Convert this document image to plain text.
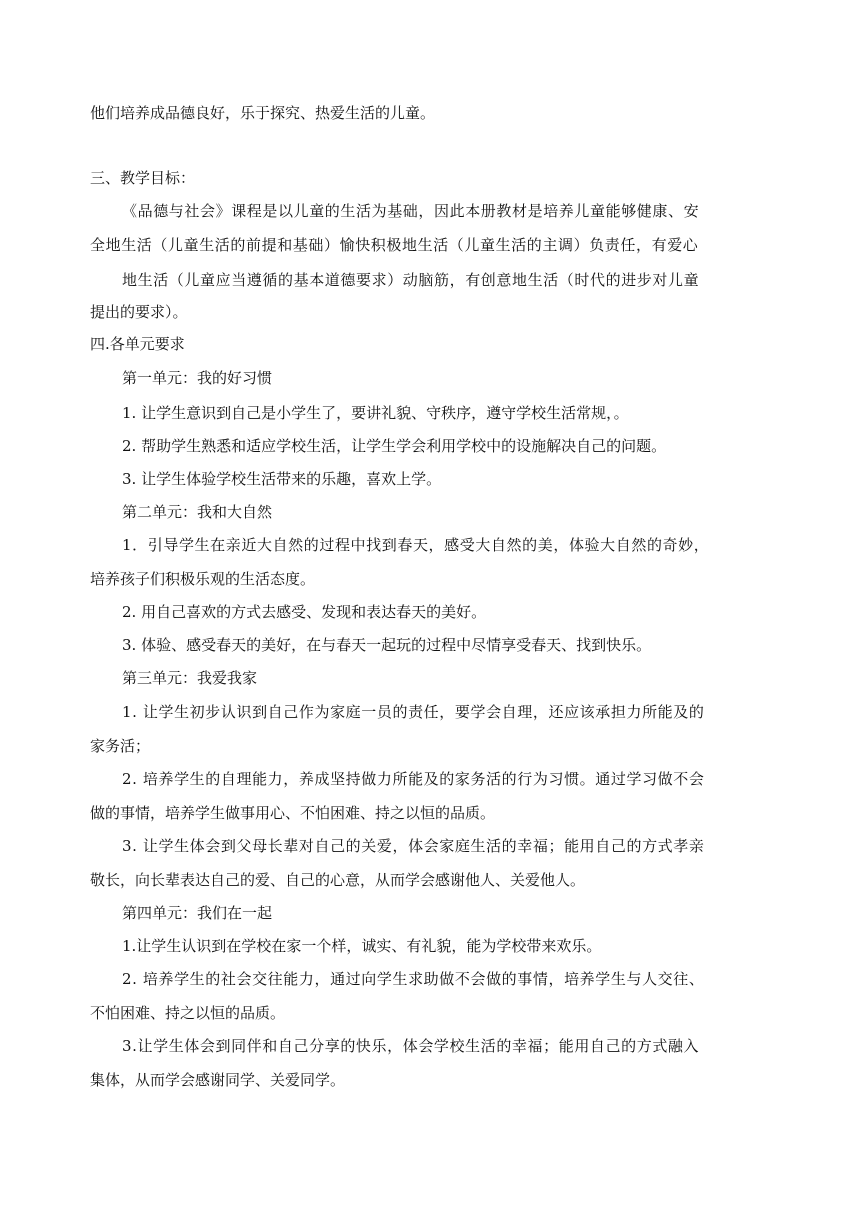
他们培养成品德良好，乐于探究、热爱生活的儿童。
三、教学目标：
《品德与社会》课程是以儿童的生活为基础，因此本册教材是培养儿童能够健康、安
全地生活（儿童生活的前提和基础）愉快积极地生活（儿童生活的主调）负责任，有爱心
地生活（儿童应当遵循的基本道德要求）动脑筋，有创意地生活（时代的进步对儿童
提出的要求）。
四.各单元要求
第一单元：我的好习惯
1. 让学生意识到自己是小学生了，要讲礼貌、守秩序，遵守学校生活常规，。
2. 帮助学生熟悉和适应学校生活，让学生学会利用学校中的设施解决自己的问题。
3. 让学生体验学校生活带来的乐趣，喜欢上学。
第二单元：我和大自然
1．引导学生在亲近大自然的过程中找到春天，感受大自然的美，体验大自然的奇妙，
培养孩子们积极乐观的生活态度。
2. 用自己喜欢的方式去感受、发现和表达春天的美好。
3. 体验、感受春天的美好，在与春天一起玩的过程中尽情享受春天、找到快乐。
第三单元：我爱我家
1. 让学生初步认识到自己作为家庭一员的责任，要学会自理，还应该承担力所能及的
家务活；
2. 培养学生的自理能力，养成坚持做力所能及的家务活的行为习惯。通过学习做不会
做的事情，培养学生做事用心、不怕困难、持之以恒的品质。
3. 让学生体会到父母长辈对自己的关爱，体会家庭生活的幸福；能用自己的方式孝亲
敬长，向长辈表达自己的爱、自己的心意，从而学会感谢他人、关爱他人。
第四单元：我们在一起
1.让学生认识到在学校在家一个样，诚实、有礼貌，能为学校带来欢乐。
2. 培养学生的社会交往能力，通过向学生求助做不会做的事情，培养学生与人交往、
不怕困难、持之以恒的品质。
3.让学生体会到同伴和自己分享的快乐，体会学校生活的幸福；能用自己的方式融入
集体，从而学会感谢同学、关爱同学。
